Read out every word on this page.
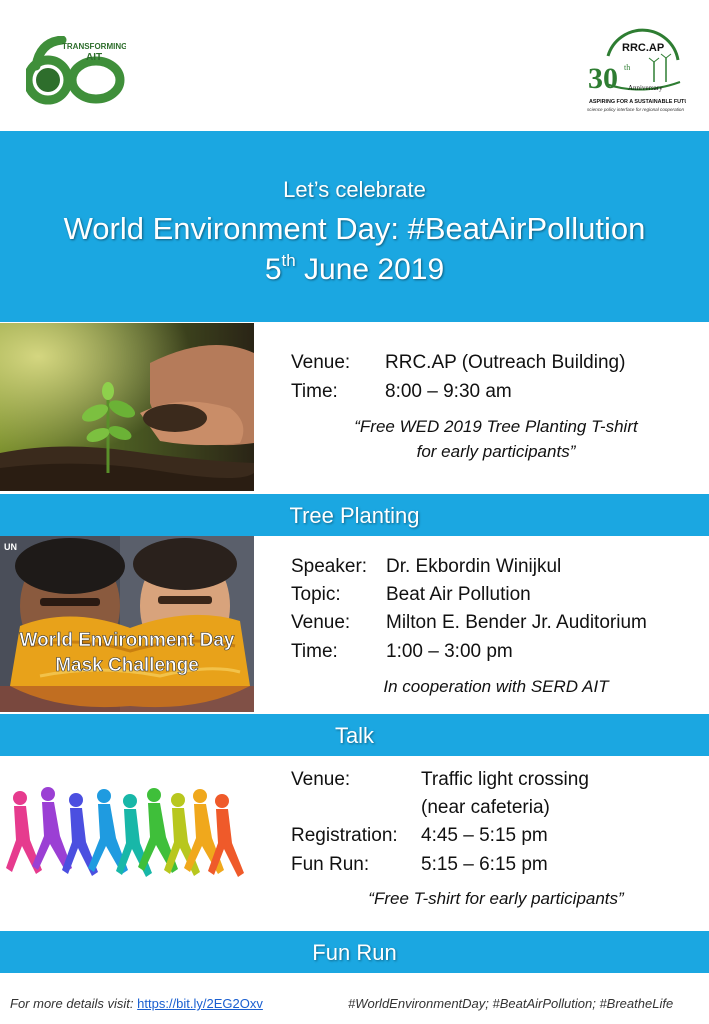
TRANSFORMING
AIT
RRC.AP
30 th
Anniversary
ASPIRING FOR A SUSTAINABLE FUTURE
science policy interface for regional cooperation
Let’s celebrate
World Environment Day: #BeatAirPollution
5th June 2019
Venue: RRC.AP (Outreach Building)
Time: 8:00 – 9:30 am
“Free WED 2019 Tree Planting T-shirt
for early participants”
Tree Planting
UN
World Environment Day
Mask Challenge
Speaker: Dr. Ekbordin Winijkul
Topic: Beat Air Pollution
Venue: Milton E. Bender Jr. Auditorium
Time:	1:00 – 3:00 pm
In cooperation with SERD AIT
Talk
Venue:	Traffic light crossing
(near cafeteria)
Registration: 4:45 – 5:15 pm
Fun Run:	5:15 – 6:15 pm
“Free T-shirt for early participants”
Fun Run
For more details visit: https://bit.ly/2EG2Oxv	#WorldEnvironmentDay; #BeatAirPollution; #BreatheLife
